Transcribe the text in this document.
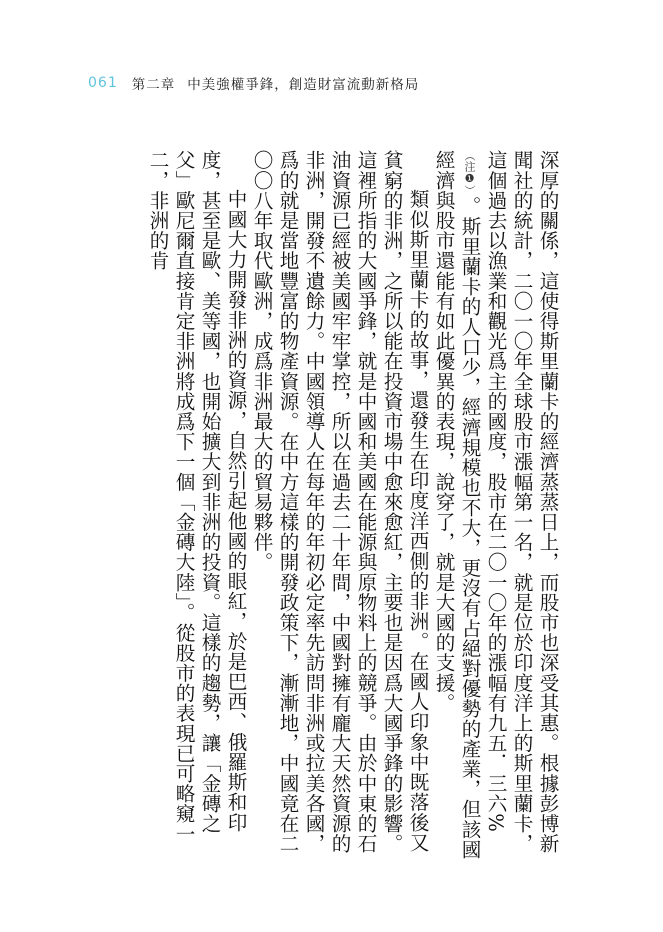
061 第二章 中美強權爭鋒，創造財富流動新格局

深厚的關係，這使得斯里蘭卡的經濟蒸蒸日上，而股市也深受其惠。根據彭博新聞社的統計，二〇一〇年全球股市漲幅第一名，就是位於印度洋上的斯里蘭卡，這個過去以漁業和觀光爲主的國度，股市在二〇一〇年的漲幅有九五．三六%（注❶）。斯里蘭卡的人口少，經濟規模也不大，更沒有占絕對優勢的產業，但該國經濟與股市還能有如此優異的表現，說穿了，就是大國的支援。

類似斯里蘭卡的故事，還發生在印度洋西側的非洲。在國人印象中既落後又貧窮的非洲，之所以能在投資市場中愈來愈紅，主要也是因爲大國爭鋒的影響。這裡所指的大國爭鋒，就是中國和美國在能源與原物料上的競爭。由於中東的石油資源已經被美國牢牢掌控，所以在過去二十年間，中國對擁有龐大天然資源的非洲，開發不遺餘力。中國領導人在每年的年初必定率先訪問非洲或拉美各國，爲的就是當地豐富的物產資源。在中方這樣的開發政策下，漸漸地，中國竟在二〇〇八年取代歐洲，成爲非洲最大的貿易夥伴。

中國大力開發非洲的資源，自然引起他國的眼紅，於是巴西、俄羅斯和印度，甚至是歐、美等國，也開始擴大到非洲的投資。這樣的趨勢，讓「金磚之父」歐尼爾直接肯定非洲將成爲下一個「金磚大陸」。從股市的表現已可略窺一二，非洲的肯
